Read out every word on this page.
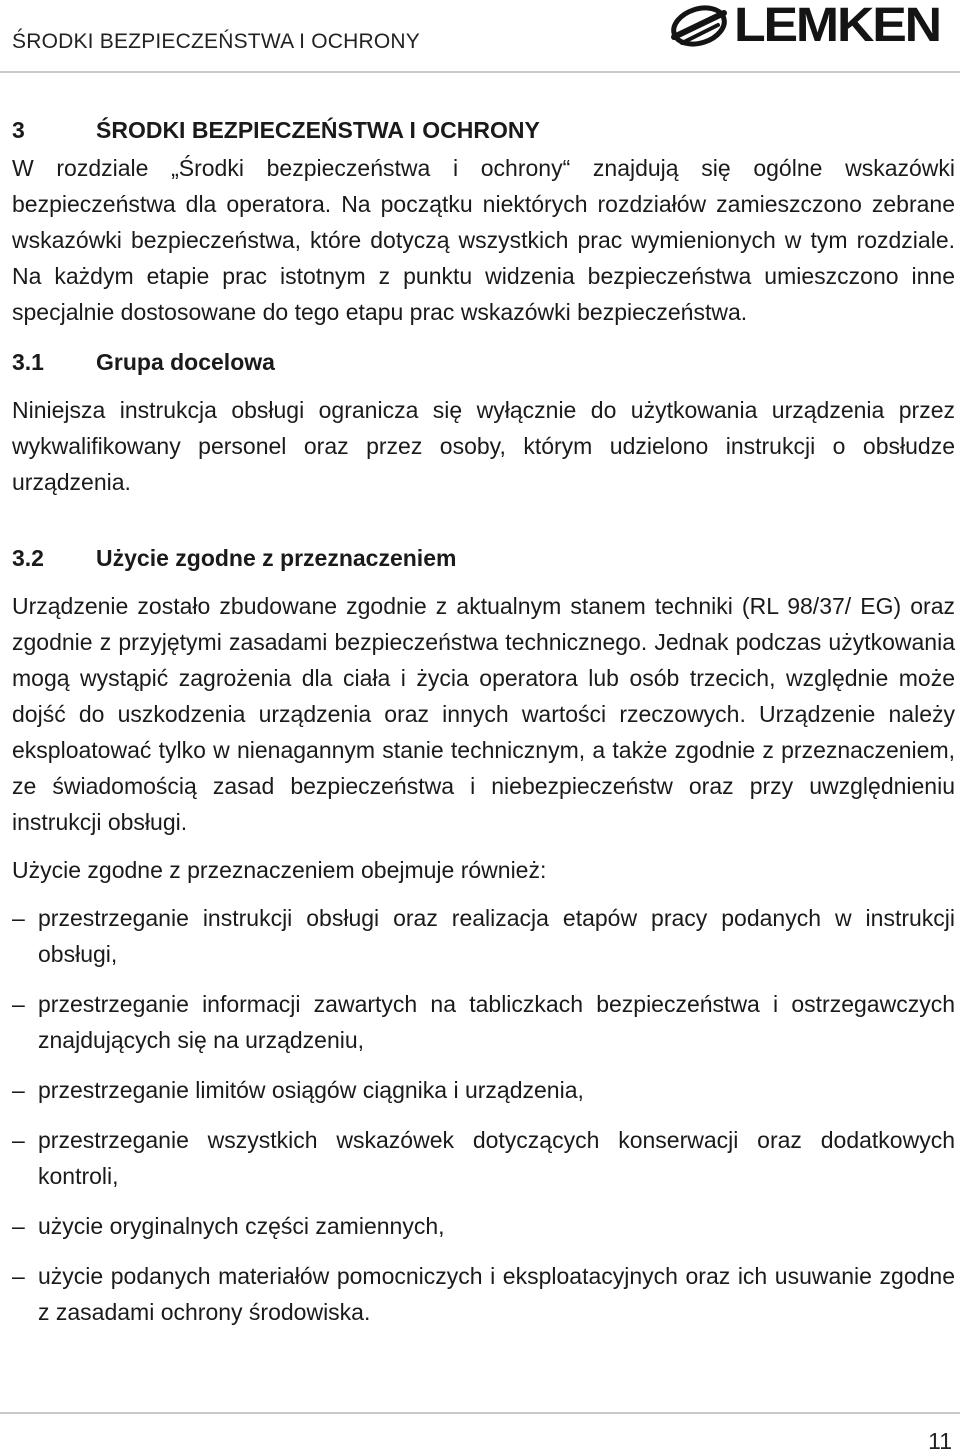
ŚRODKI BEZPIECZEŃSTWA I OCHRONY	LEMKEN
3	ŚRODKI BEZPIECZEŃSTWA I OCHRONY

W rozdziale „Środki bezpieczeństwa i ochrony“ znajdują się ogólne wskazówki bezpieczeństwa dla operatora. Na początku niektórych rozdziałów zamieszczono zebrane wskazówki bezpieczeństwa, które dotyczą wszystkich prac wymienionych w tym rozdziale. Na każdym etapie prac istotnym z punktu widzenia bezpieczeństwa umieszczono inne specjalnie dostosowane do tego etapu prac wskazówki bezpieczeństwa.

3.1	Grupa docelowa

Niniejsza instrukcja obsługi ogranicza się wyłącznie do użytkowania urządzenia przez wykwalifikowany personel oraz przez osoby, którym udzielono instrukcji o obsłudze urządzenia.

3.2	Użycie zgodne z przeznaczeniem

Urządzenie zostało zbudowane zgodnie z aktualnym stanem techniki (RL 98/37/ EG) oraz zgodnie z przyjętymi zasadami bezpieczeństwa technicznego. Jednak podczas użytkowania mogą wystąpić zagrożenia dla ciała i życia operatora lub osób trzecich, względnie może dojść do uszkodzenia urządzenia oraz innych wartości rzeczowych. Urządzenie należy eksploatować tylko w nienagannym stanie technicznym, a także zgodnie z przeznaczeniem, ze świadomością zasad bezpieczeństwa i niebezpieczeństw oraz przy uwzględnieniu instrukcji obsługi.

Użycie zgodne z przeznaczeniem obejmuje również:

– przestrzeganie instrukcji obsługi oraz realizacja etapów pracy podanych w instrukcji obsługi,
– przestrzeganie informacji zawartych na tabliczkach bezpieczeństwa i ostrzegawczych znajdujących się na urządzeniu,
– przestrzeganie limitów osiągów ciągnika i urządzenia,
– przestrzeganie wszystkich wskazówek dotyczących konserwacji oraz dodatkowych kontroli,
– użycie oryginalnych części zamiennych,
– użycie podanych materiałów pomocniczych i eksploatacyjnych oraz ich usuwanie zgodne z zasadami ochrony środowiska.
11
